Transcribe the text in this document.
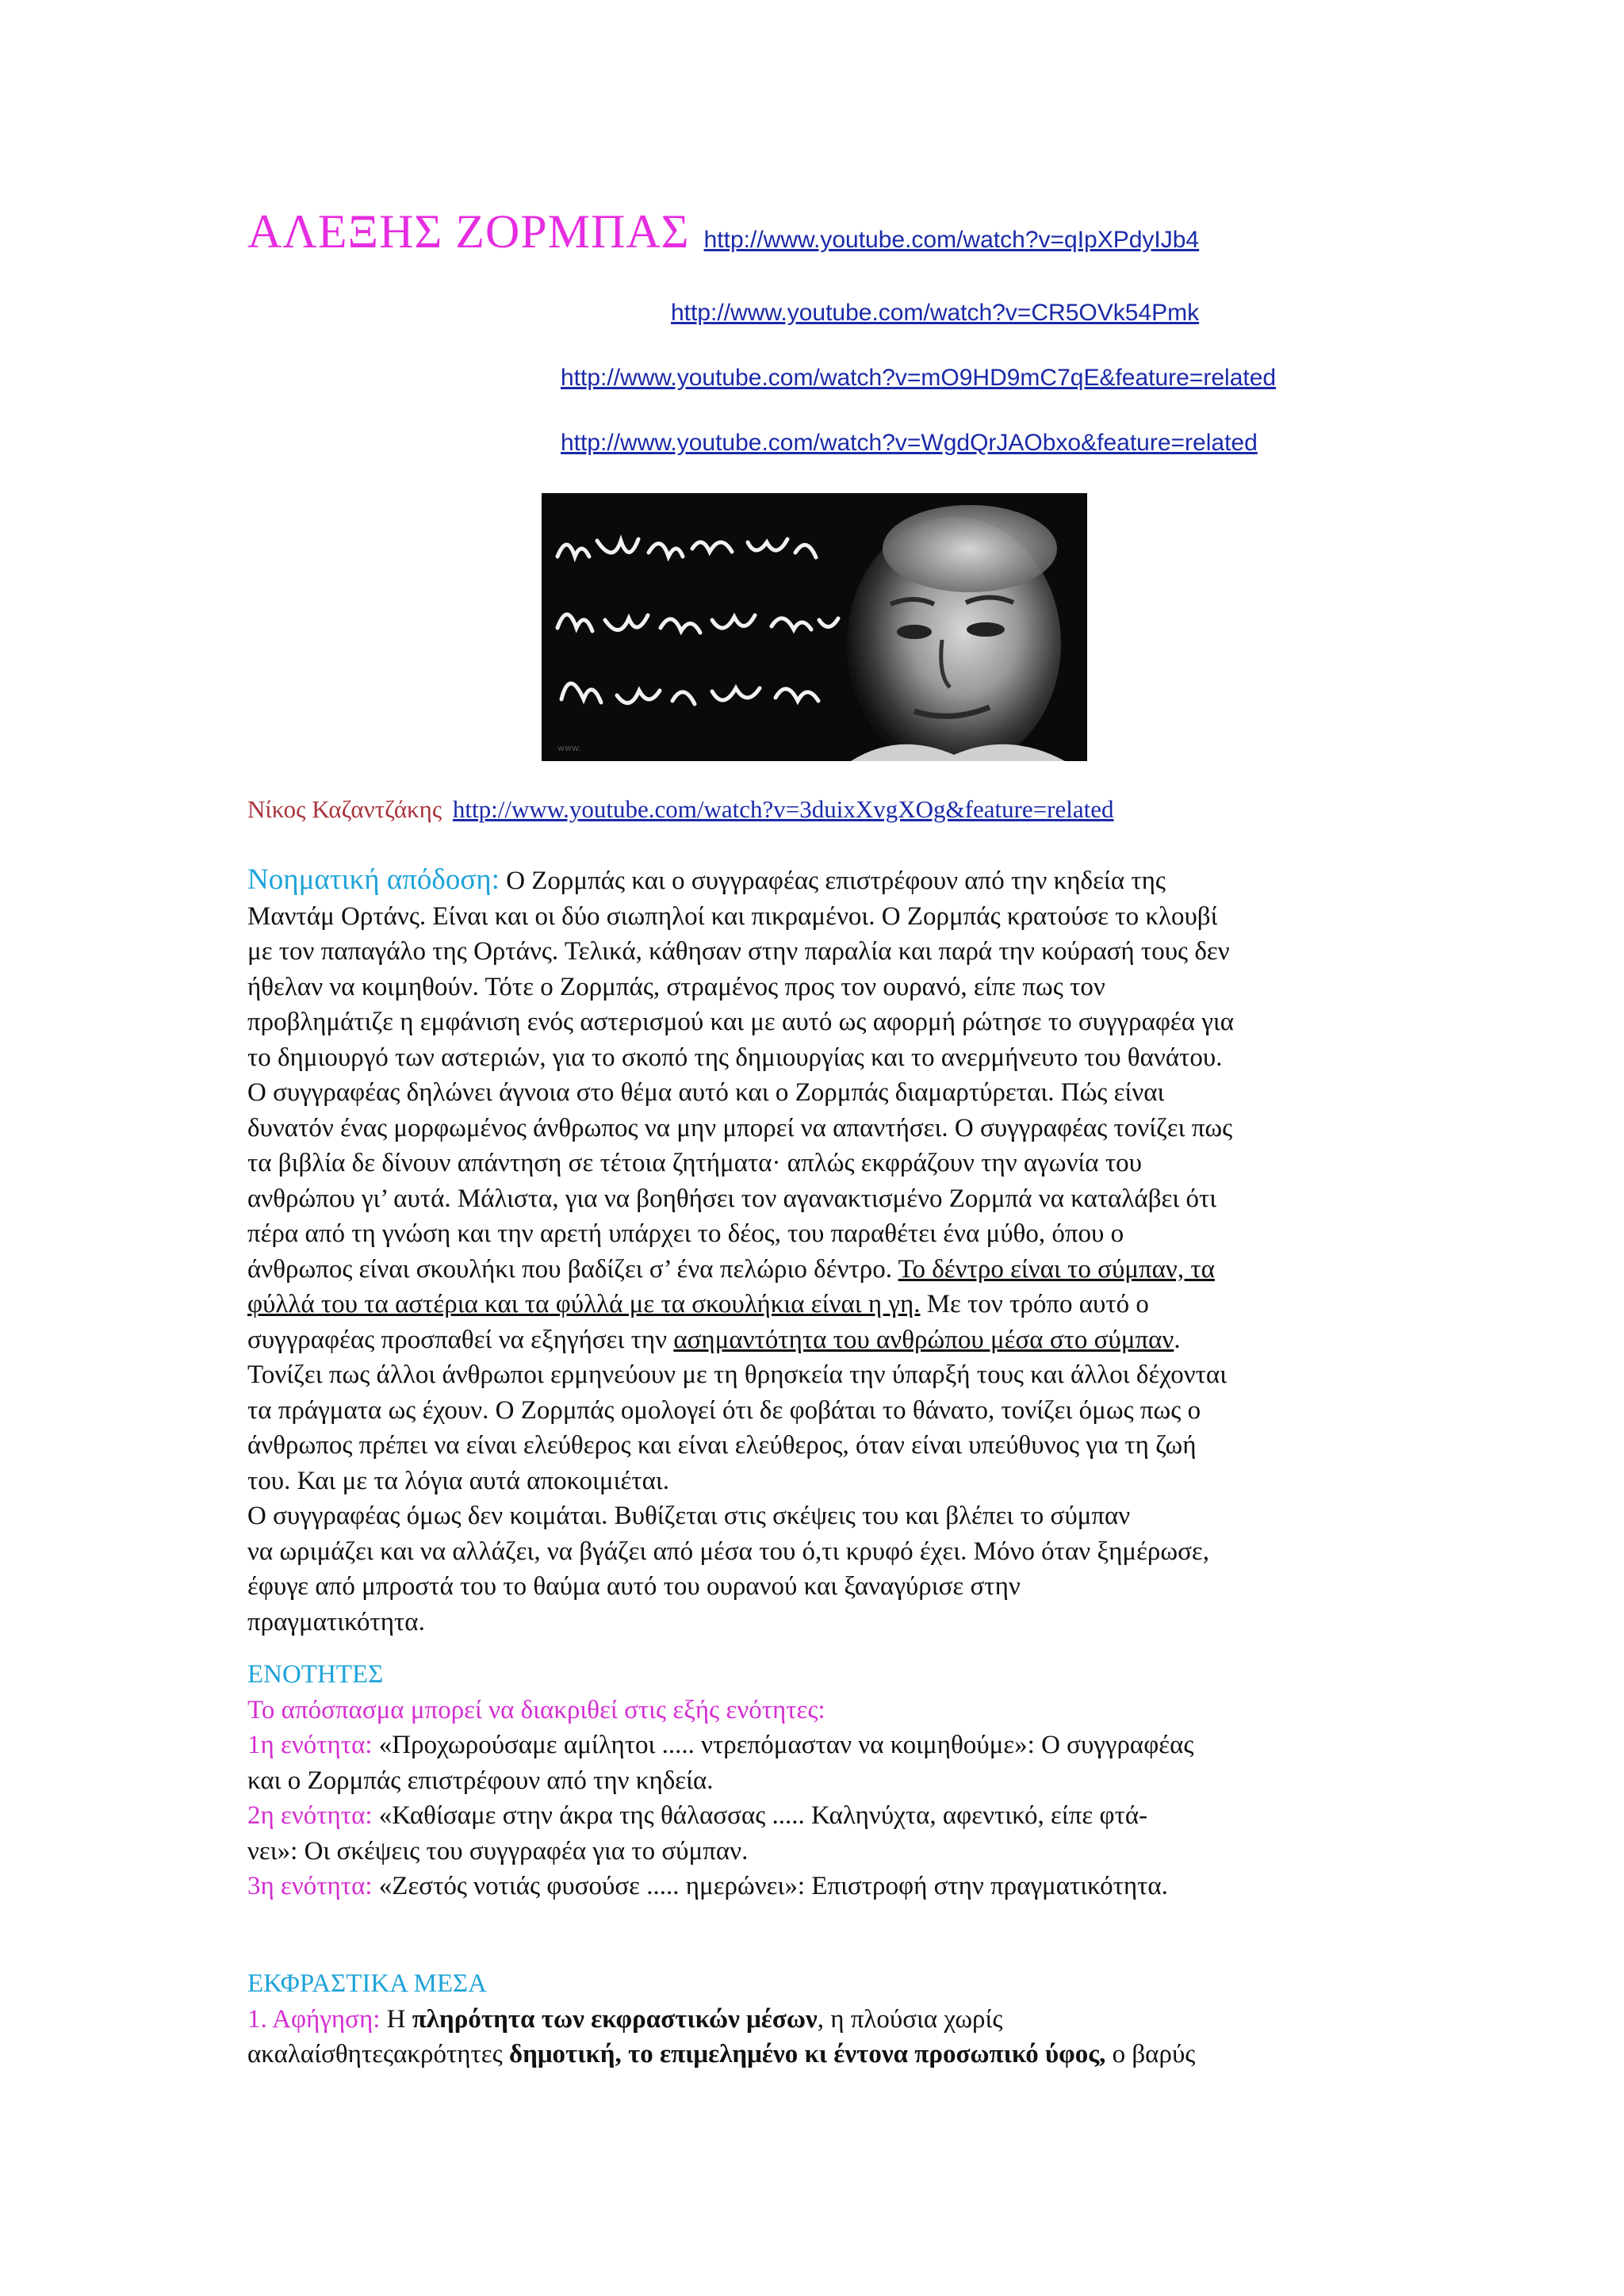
ΑΛΕΞΗΣ ΖΟΡΜΠΑΣ http://www.youtube.com/watch?v=qIpXPdyIJb4
http://www.youtube.com/watch?v=CR5OVk54Pmk
http://www.youtube.com/watch?v=mO9HD9mC7qE&feature=related
http://www.youtube.com/watch?v=WgdQrJAObxo&feature=related
www.
Νίκος Καζαντζάκης http://www.youtube.com/watch?v=3duixXvgXOg&feature=related
Νοηματική απόδοση: Ο Ζορμπάς και ο συγγραφέας επιστρέφουν από την κηδεία της
Μαντάμ Ορτάνς. Είναι και οι δύο σιωπηλοί και πικραμένοι. Ο Ζορμπάς κρατούσε το κλουβί
με τον παπαγάλο της Ορτάνς. Τελικά, κάθησαν στην παραλία και παρά την κούρασή τους δεν
ήθελαν να κοιμηθούν. Τότε ο Ζορμπάς, στραμένος προς τον ουρανό, είπε πως τον
προβλημάτιζε η εμφάνιση ενός αστερισμού και με αυτό ως αφορμή ρώτησε το συγγραφέα για
το δημιουργό των αστεριών, για το σκοπό της δημιουργίας και το ανερμήνευτο του θανάτου.
Ο συγγραφέας δηλώνει άγνοια στο θέμα αυτό και ο Ζορμπάς διαμαρτύρεται. Πώς είναι
δυνατόν ένας μορφωμένος άνθρωπος να μην μπορεί να απαντήσει. Ο συγγραφέας τονίζει πως
τα βιβλία δε δίνουν απάντηση σε τέτοια ζητήματα· απλώς εκφράζουν την αγωνία του
ανθρώπου γι’ αυτά. Μάλιστα, για να βοηθήσει τον αγανακτισμένο Ζορμπά να καταλάβει ότι
πέρα από τη γνώση και την αρετή υπάρχει το δέος, του παραθέτει ένα μύθο, όπου ο
άνθρωπος είναι σκουλήκι που βαδίζει σ’ ένα πελώριο δέντρο. Το δέντρο είναι το σύμπαν, τα
φύλλά του τα αστέρια και τα φύλλά με τα σκουλήκια είναι η γη. Με τον τρόπο αυτό ο
συγγραφέας προσπαθεί να εξηγήσει την ασημαντότητα του ανθρώπου μέσα στο σύμπαν.
Τονίζει πως άλλοι άνθρωποι ερμηνεύουν με τη θρησκεία την ύπαρξή τους και άλλοι δέχονται
τα πράγματα ως έχουν. Ο Ζορμπάς ομολογεί ότι δε φοβάται το θάνατο, τονίζει όμως πως ο
άνθρωπος πρέπει να είναι ελεύθερος και είναι ελεύθερος, όταν είναι υπεύθυνος για τη ζωή
του. Και με τα λόγια αυτά αποκοιμιέται.
Ο συγγραφέας όμως δεν κοιμάται. Βυθίζεται στις σκέψεις του και βλέπει το σύμπαν
να ωριμάζει και να αλλάζει, να βγάζει από μέσα του ό,τι κρυφό έχει. Μόνο όταν ξημέρωσε,
έφυγε από μπροστά του το θαύμα αυτό του ουρανού και ξαναγύρισε στην
πραγματικότητα.
ΕΝΟΤΗΤΕΣ
Το απόσπασμα μπορεί να διακριθεί στις εξής ενότητες:
1η ενότητα: «Προχωρούσαμε αμίλητοι ..... ντρεπόμασταν να κοιμηθούμε»: Ο συγγραφέας
και ο Ζορμπάς επιστρέφουν από την κηδεία.
2η ενότητα: «Καθίσαμε στην άκρα της θάλασσας ..... Καληνύχτα, αφεντικό, είπε φτά-
νει»: Οι σκέψεις του συγγραφέα για το σύμπαν.
3η ενότητα: «Ζεστός νοτιάς φυσούσε ..... ημερώνει»: Επιστροφή στην πραγματικότητα.
ΕΚΦΡΑΣΤΙΚΑ ΜΕΣΑ
1. Αφήγηση: Η πληρότητα των εκφραστικών μέσων, η πλούσια χωρίς
ακαλαίσθητεςακρότητες δημοτική, το επιμελημένο κι έντονα προσωπικό ύφος, ο βαρύς
